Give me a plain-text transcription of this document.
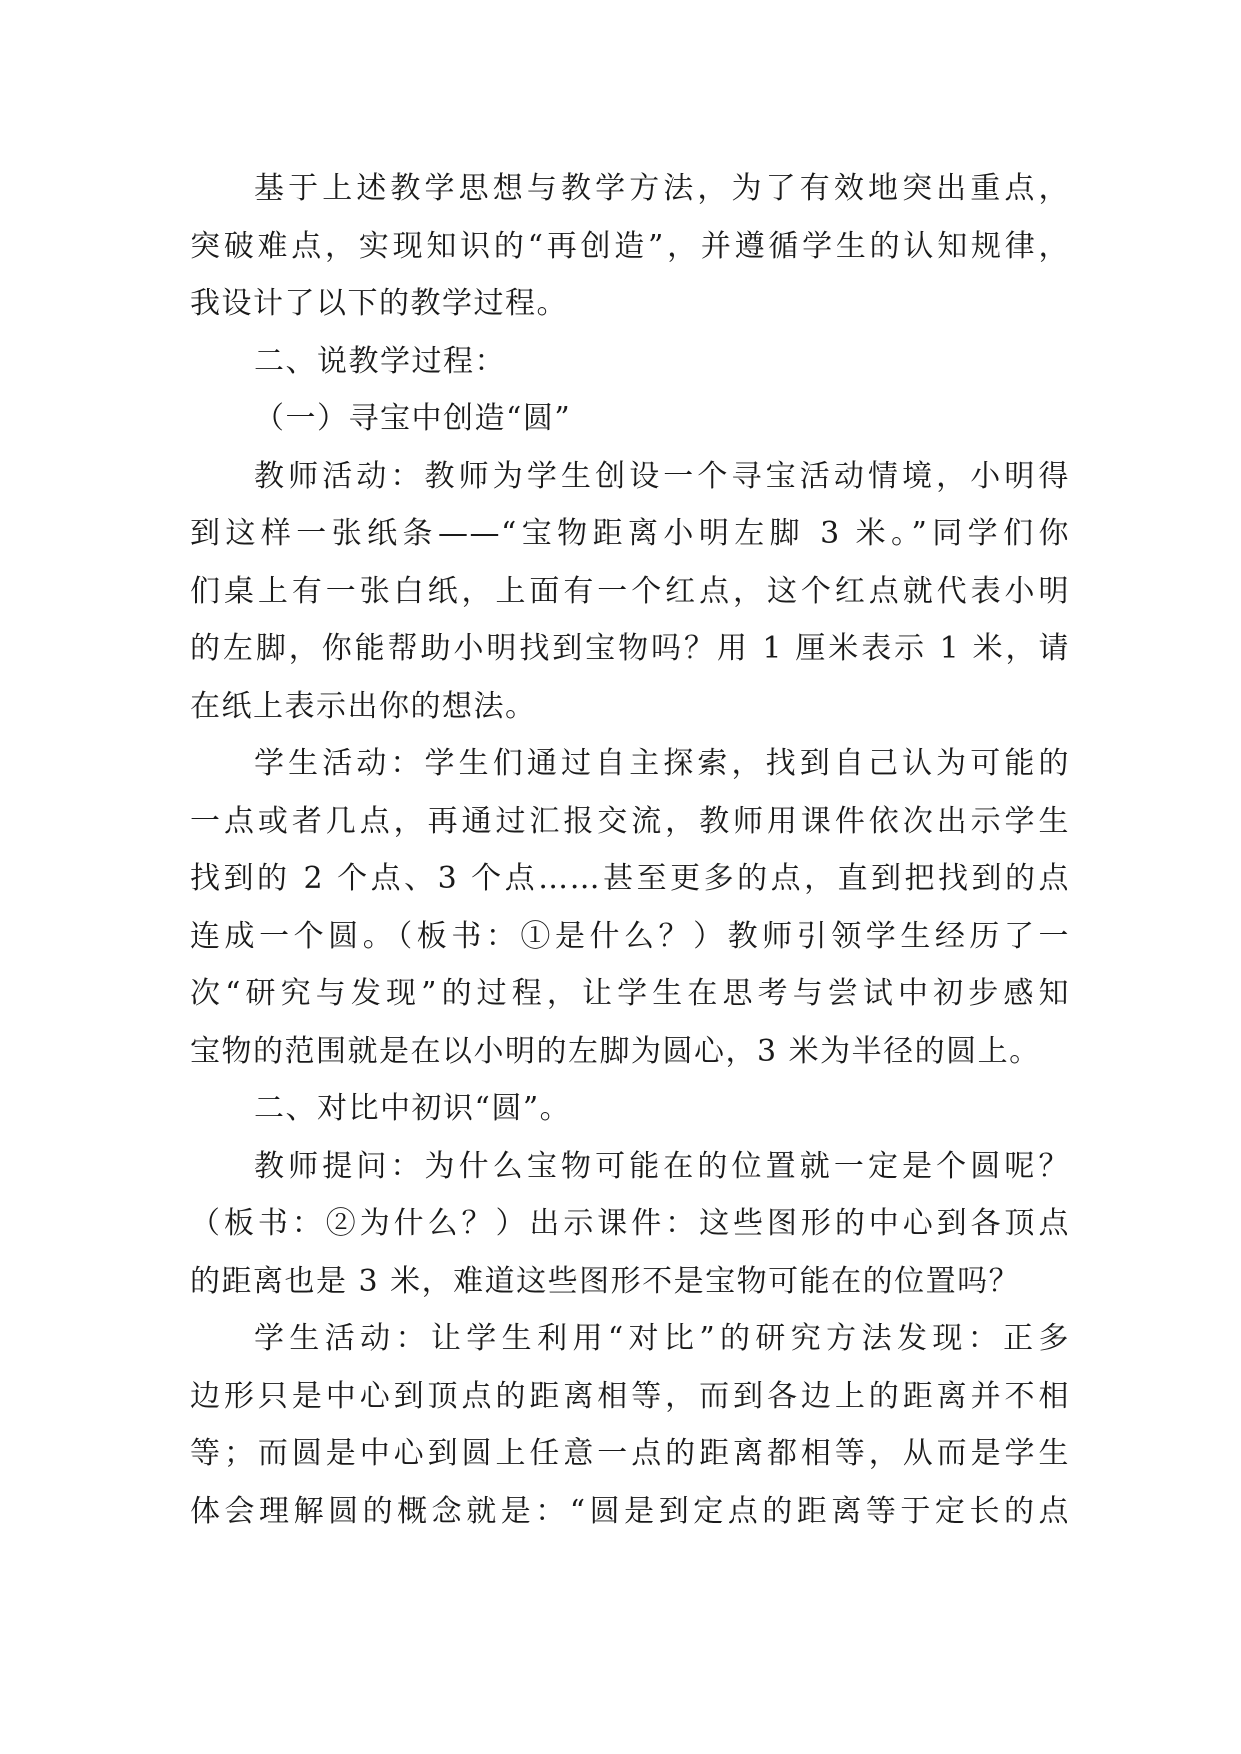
基于上述教学思想与教学方法，为了有效地突出重点，
突破难点，实现知识的“再创造”，并遵循学生的认知规律，
我设计了以下的教学过程。
二、说教学过程：
（一）寻宝中创造“圆”
教师活动：教师为学生创设一个寻宝活动情境，小明得
到这样一张纸条——“宝物距离小明左脚 3 米。”同学们你
们桌上有一张白纸，上面有一个红点，这个红点就代表小明
的左脚，你能帮助小明找到宝物吗？用 1 厘米表示 1 米，请
在纸上表示出你的想法。
学生活动：学生们通过自主探索，找到自己认为可能的
一点或者几点，再通过汇报交流，教师用课件依次出示学生
找到的 2 个点、3 个点……甚至更多的点，直到把找到的点
连成一个圆。（板书：①是什么？）教师引领学生经历了一
次“研究与发现”的过程，让学生在思考与尝试中初步感知
宝物的范围就是在以小明的左脚为圆心，3 米为半径的圆上。
二、对比中初识“圆”。
教师提问：为什么宝物可能在的位置就一定是个圆呢？
（板书：②为什么？）出示课件：这些图形的中心到各顶点
的距离也是 3 米，难道这些图形不是宝物可能在的位置吗？
学生活动：让学生利用“对比”的研究方法发现：正多
边形只是中心到顶点的距离相等，而到各边上的距离并不相
等；而圆是中心到圆上任意一点的距离都相等，从而是学生
体会理解圆的概念就是：“圆是到定点的距离等于定长的点
